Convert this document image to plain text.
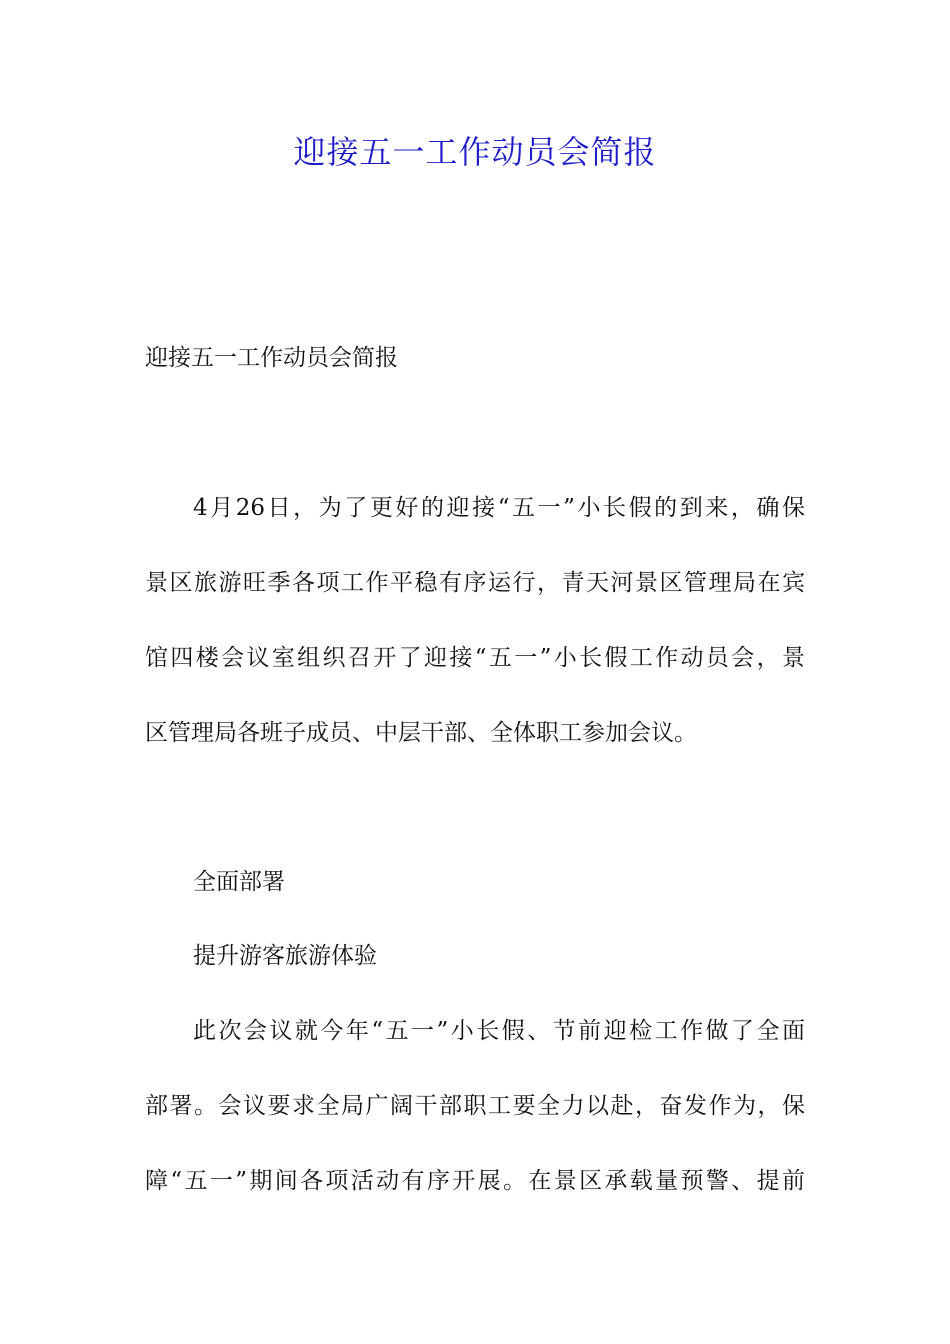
迎接五一工作动员会简报
迎接五一工作动员会简报
4月26日，为了更好的迎接“五一”小长假的到来，确保
景区旅游旺季各项工作平稳有序运行，青天河景区管理局在宾
馆四楼会议室组织召开了迎接“五一”小长假工作动员会，景
区管理局各班子成员、中层干部、全体职工参加会议。
全面部署
提升游客旅游体验
此次会议就今年“五一”小长假、节前迎检工作做了全面
部署。会议要求全局广阔干部职工要全力以赴，奋发作为，保
障“五一”期间各项活动有序开展。在景区承载量预警、提前
